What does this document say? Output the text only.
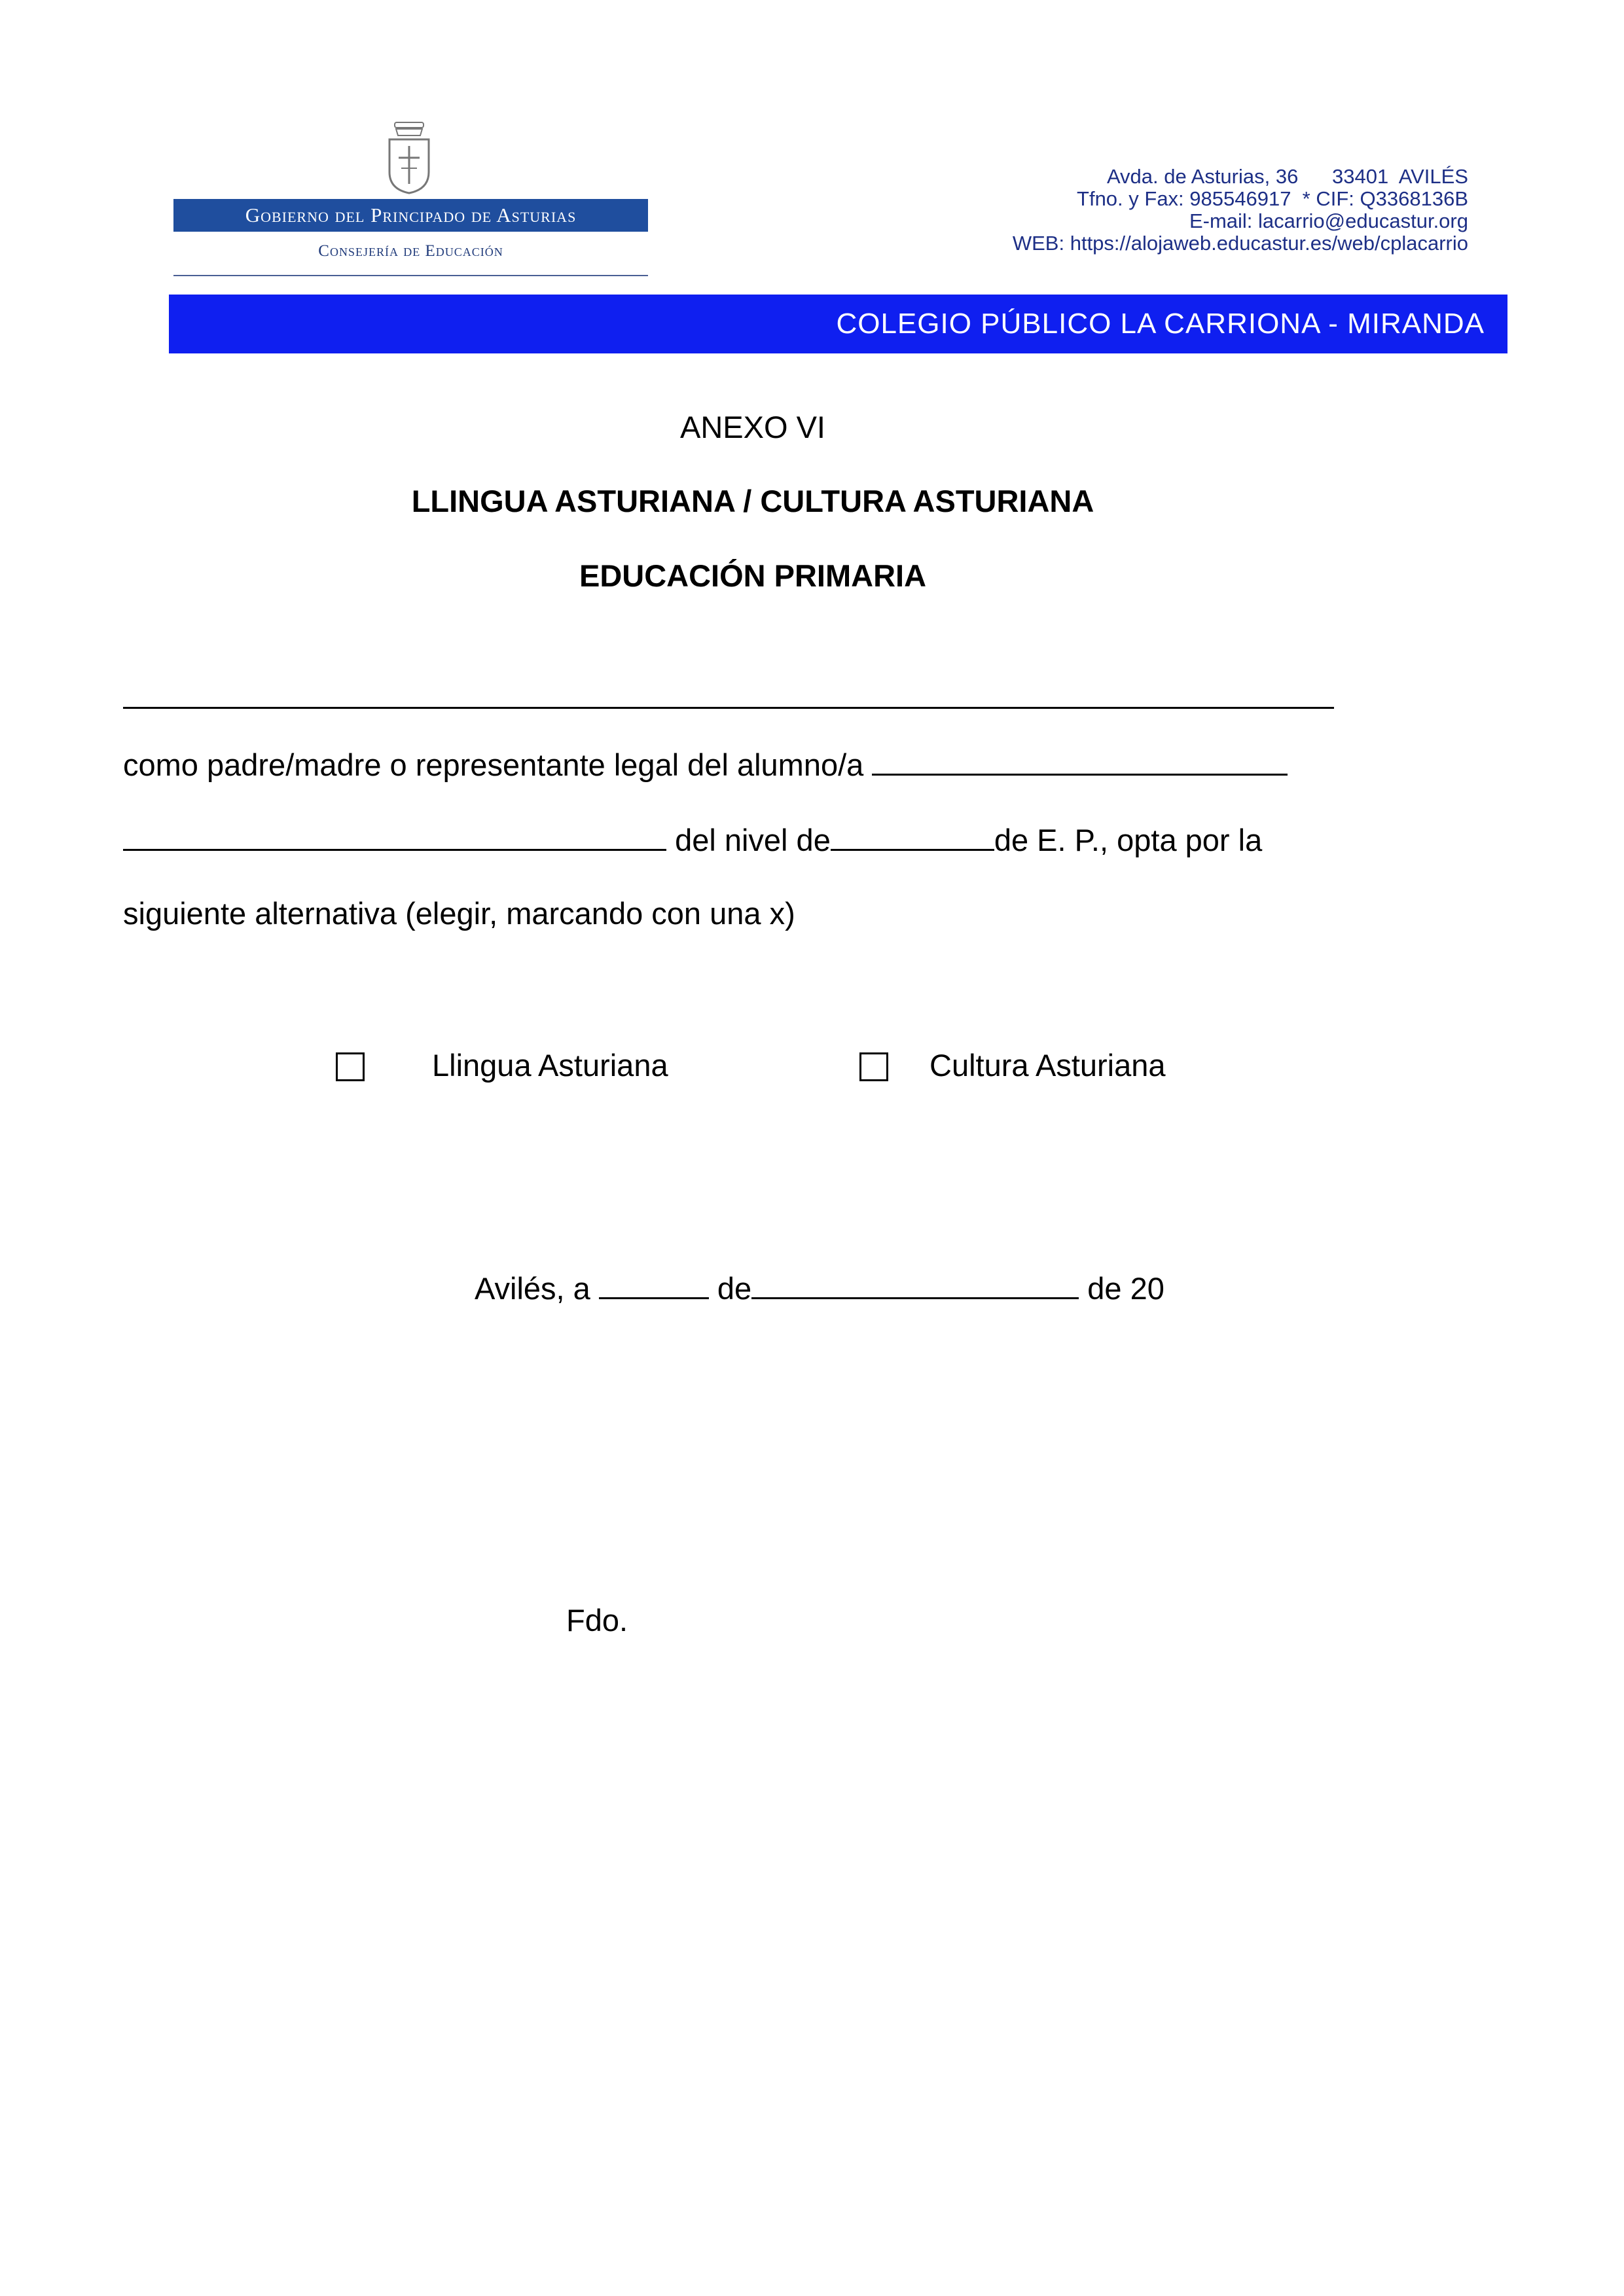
Gobierno del Principado de Asturias
Consejería de Educación
Avda. de Asturias, 36      33401  AVILÉS
Tfno. y Fax: 985546917  * CIF: Q3368136B
E-mail: lacarrio@educastur.org
WEB: https://alojaweb.educastur.es/web/cplacarrio
COLEGIO PÚBLICO LA CARRIONA - MIRANDA
ANEXO VI
LLINGUA ASTURIANA / CULTURA ASTURIANA
EDUCACIÓN PRIMARIA
como padre/madre o representante legal del alumno/a
del nivel de	de E. P., opta por la
siguiente alternativa (elegir, marcando con una x)
Llingua Asturiana	Cultura Asturiana
Avilés, a	de	de 20
Fdo.
